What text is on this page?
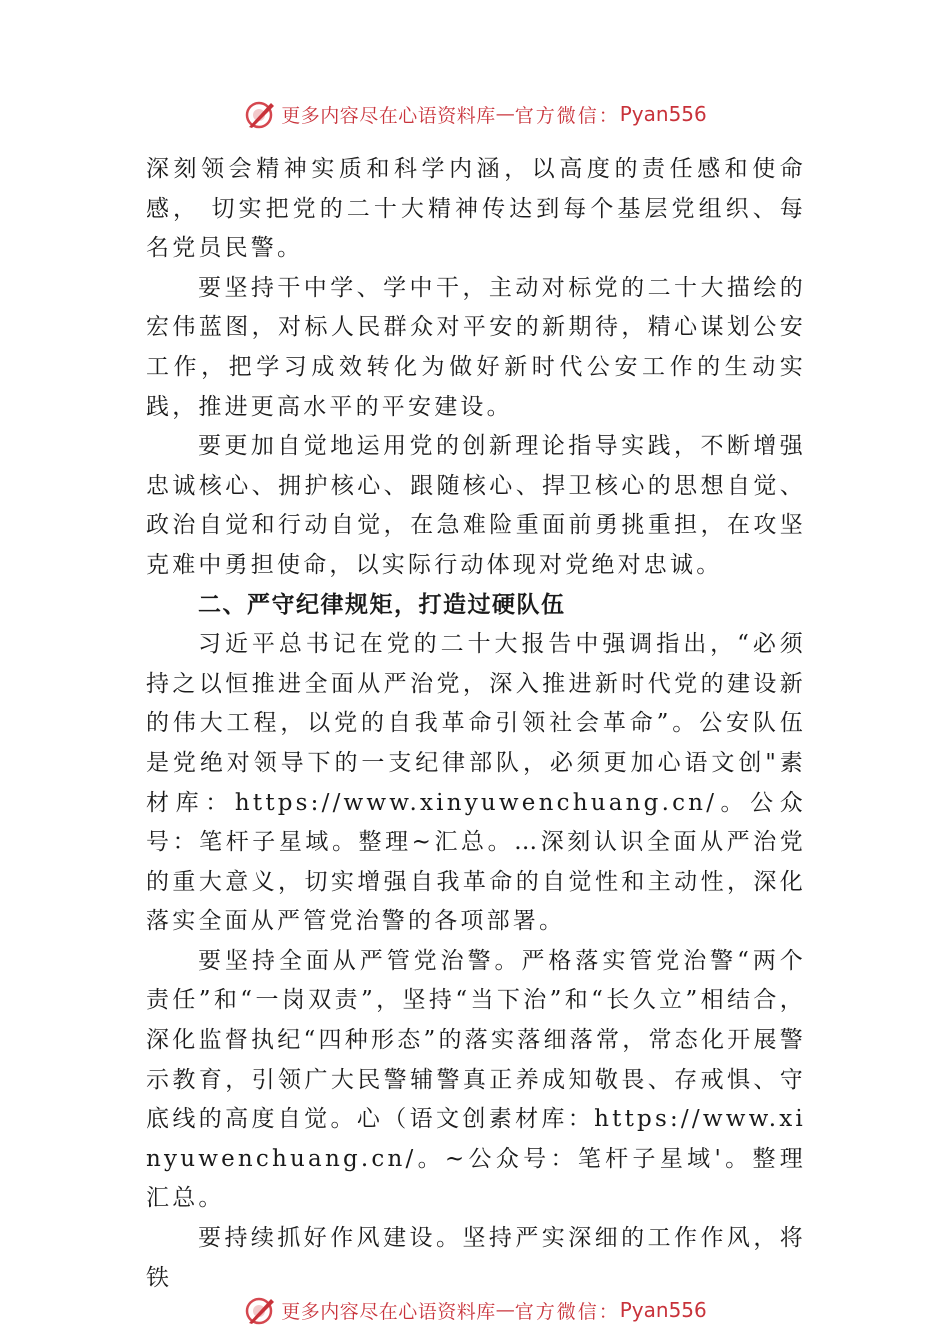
更多内容尽在心语资料库 — 官方微信： Pyan556

深刻领会精神实质和科学内涵，以高度的责任感和使命感， 切实把党的二十大精神传达到每个基层党组织、每名党员民警。

要坚持干中学、学中干，主动对标党的二十大描绘的宏伟蓝图，对标人民群众对平安的新期待，精心谋划公安工作，把学习成效转化为做好新时代公安工作的生动实践，推进更高水平的平安建设。

要更加自觉地运用党的创新理论指导实践，不断增强忠诚核心、拥护核心、跟随核心、捍卫核心的思想自觉、政治自觉和行动自觉，在急难险重面前勇挑重担，在攻坚克难中勇担使命，以实际行动体现对党绝对忠诚。

二、严守纪律规矩，打造过硬队伍

习近平总书记在党的二十大报告中强调指出，“必须持之以恒推进全面从严治党，深入推进新时代党的建设新的伟大工程，以党的自我革命引领社会革命”。公安队伍是党绝对领导下的一支纪律部队，必须更加心语文创"素材库：https://www.xinyuwenchuang.cn/。公众号：笔杆子星域。整理~汇总。…深刻认识全面从严治党的重大意义，切实增强自我革命的自觉性和主动性，深化落实全面从严管党治警的各项部署。

要坚持全面从严管党治警。严格落实管党治警“两个责任”和“一岗双责”，坚持“当下治”和“长久立”相结合，深化监督执纪“四种形态”的落实落细落常，常态化开展警示教育，引领广大民警辅警真正养成知敬畏、存戒惧、守底线的高度自觉。心（语文创素材库：https://www.xinyuwenchuang.cn/。~公众号：笔杆子星域'。整理汇总。

要持续抓好作风建设。坚持严实深细的工作作风，将铁

更多内容尽在心语资料库 — 官方微信： Pyan556
